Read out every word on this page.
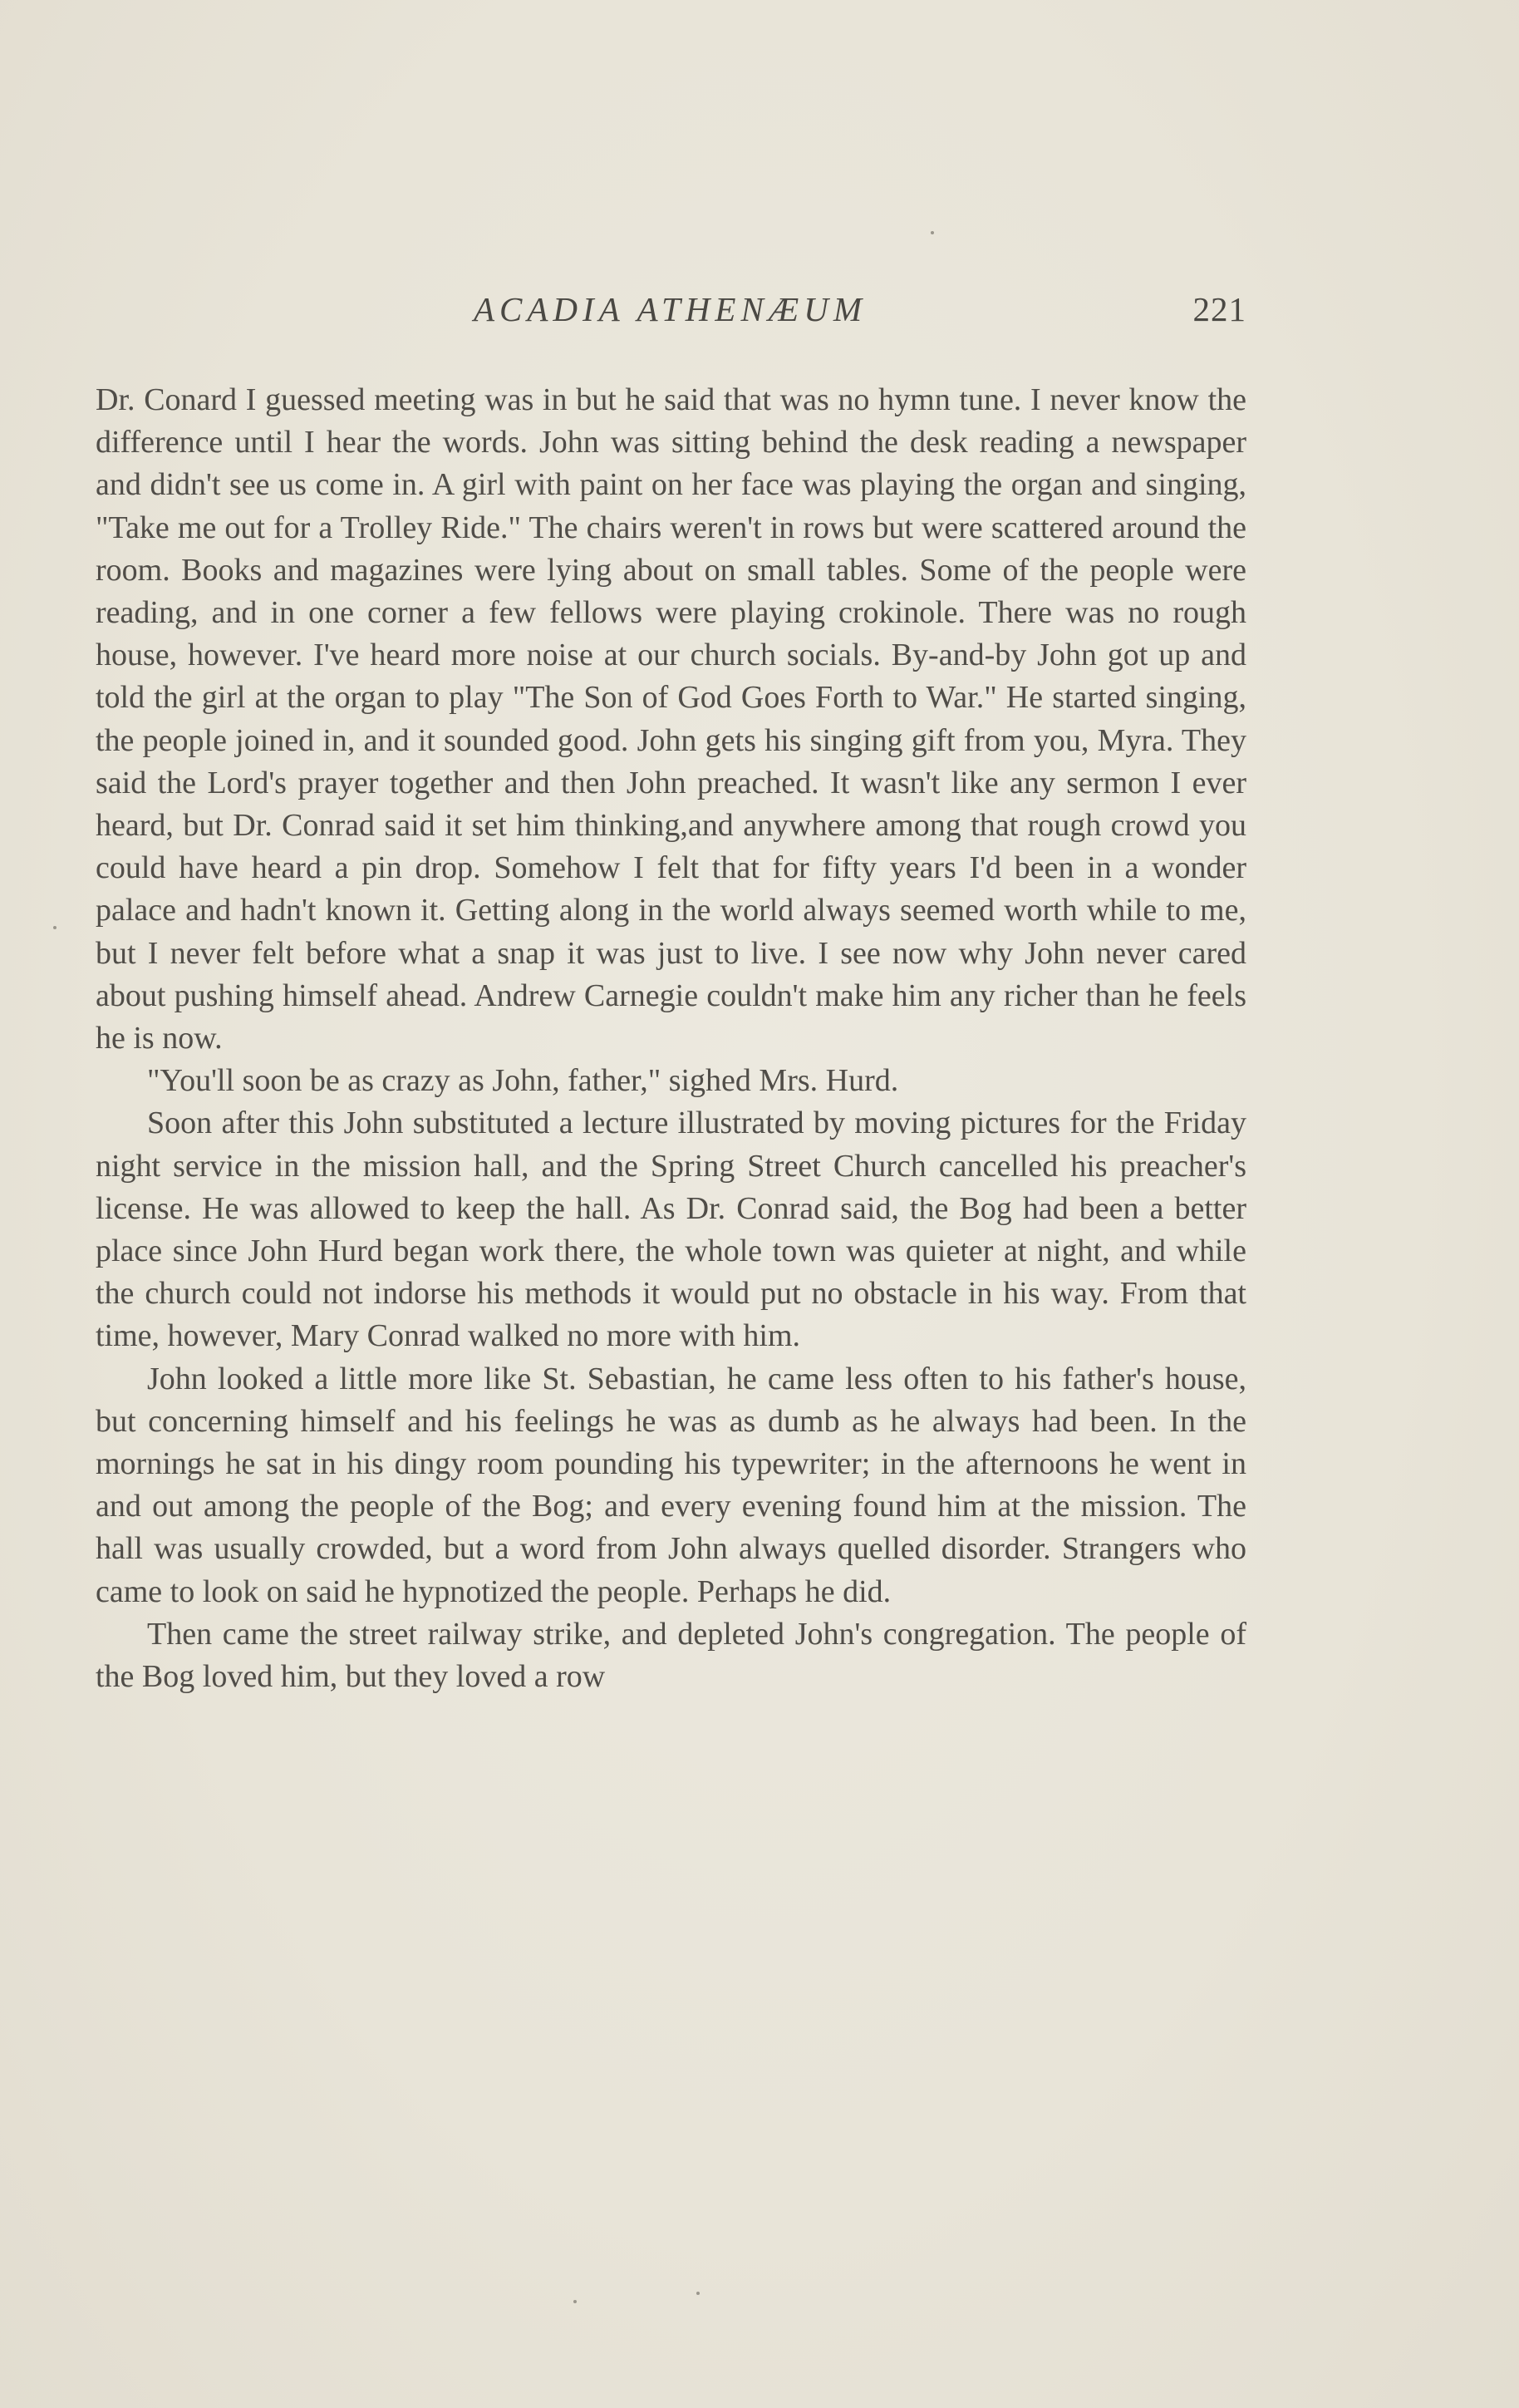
ACADIA ATHENÆUM	221

Dr. Conard I guessed meeting was in but he said that was no hymn tune. I never know the difference until I hear the words. John was sitting behind the desk reading a newspaper and didn't see us come in. A girl with paint on her face was playing the organ and singing, "Take me out for a Trolley Ride." The chairs weren't in rows but were scattered around the room. Books and magazines were lying about on small tables. Some of the people were reading, and in one corner a few fellows were playing crokinole. There was no rough house, however. I've heard more noise at our church socials. By-and-by John got up and told the girl at the organ to play "The Son of God Goes Forth to War." He started singing, the people joined in, and it sounded good. John gets his singing gift from you, Myra. They said the Lord's prayer together and then John preached. It wasn't like any sermon I ever heard, but Dr. Conrad said it set him thinking,and anywhere among that rough crowd you could have heard a pin drop. Somehow I felt that for fifty years I'd been in a wonder palace and hadn't known it. Getting along in the world always seemed worth while to me, but I never felt before what a snap it was just to live. I see now why John never cared about pushing himself ahead. Andrew Carnegie couldn't make him any richer than he feels he is now.

"You'll soon be as crazy as John, father," sighed Mrs. Hurd.

Soon after this John substituted a lecture illustrated by moving pictures for the Friday night service in the mission hall, and the Spring Street Church cancelled his preacher's license. He was allowed to keep the hall. As Dr. Conrad said, the Bog had been a better place since John Hurd began work there, the whole town was quieter at night, and while the church could not indorse his methods it would put no obstacle in his way. From that time, however, Mary Conrad walked no more with him.

John looked a little more like St. Sebastian, he came less often to his father's house, but concerning himself and his feelings he was as dumb as he always had been. In the mornings he sat in his dingy room pounding his typewriter; in the afternoons he went in and out among the people of the Bog; and every evening found him at the mission. The hall was usually crowded, but a word from John always quelled disorder. Strangers who came to look on said he hypnotized the people. Perhaps he did.

Then came the street railway strike, and depleted John's congregation. The people of the Bog loved him, but they loved a row
